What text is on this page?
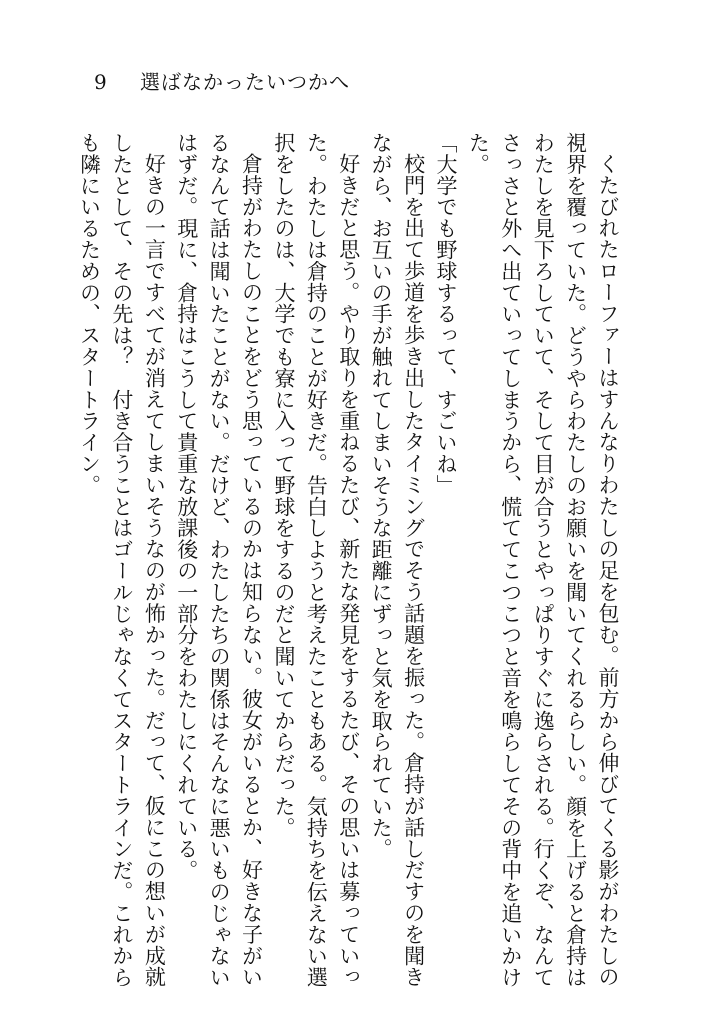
9 選ばなかったいつかへ

くたびれたローファーはすんなりわたしの足を包む。前方から伸びてくる影がわたしの視界を覆っていた。どうやらわたしのお願いを聞いてくれるらしい。顔を上げると倉持はわたしを見下ろしていて、そして目が合うとやっぱりすぐに逸らされる。行くぞ、なんてさっさと外へ出ていってしまうから、慌ててこつこつと音を鳴らしてその背中を追いかけた。

「大学でも野球するって、すごいね」

校門を出て歩道を歩き出したタイミングでそう話題を振った。倉持が話しだすのを聞きながら、お互いの手が触れてしまいそうな距離にずっと気を取られていた。

好きだと思う。やり取りを重ねるたび、新たな発見をするたび、その思いは募っていった。わたしは倉持のことが好きだ。告白しようと考えたこともある。気持ちを伝えない選択をしたのは、大学でも寮に入って野球をするのだと聞いてからだった。

倉持がわたしのことをどう思っているのかは知らない。彼女がいるとか、好きな子がいるなんて話は聞いたことがない。だけど、わたしたちの関係はそんなに悪いものじゃないはずだ。現に、倉持はこうして貴重な放課後の一部分をわたしにくれている。

好きの一言ですべてが消えてしまいそうなのが怖かった。だって、仮にこの想いが成就したとして、その先は？　付き合うことはゴールじゃなくてスタートラインだ。これからも隣にいるための、スタートライン。
